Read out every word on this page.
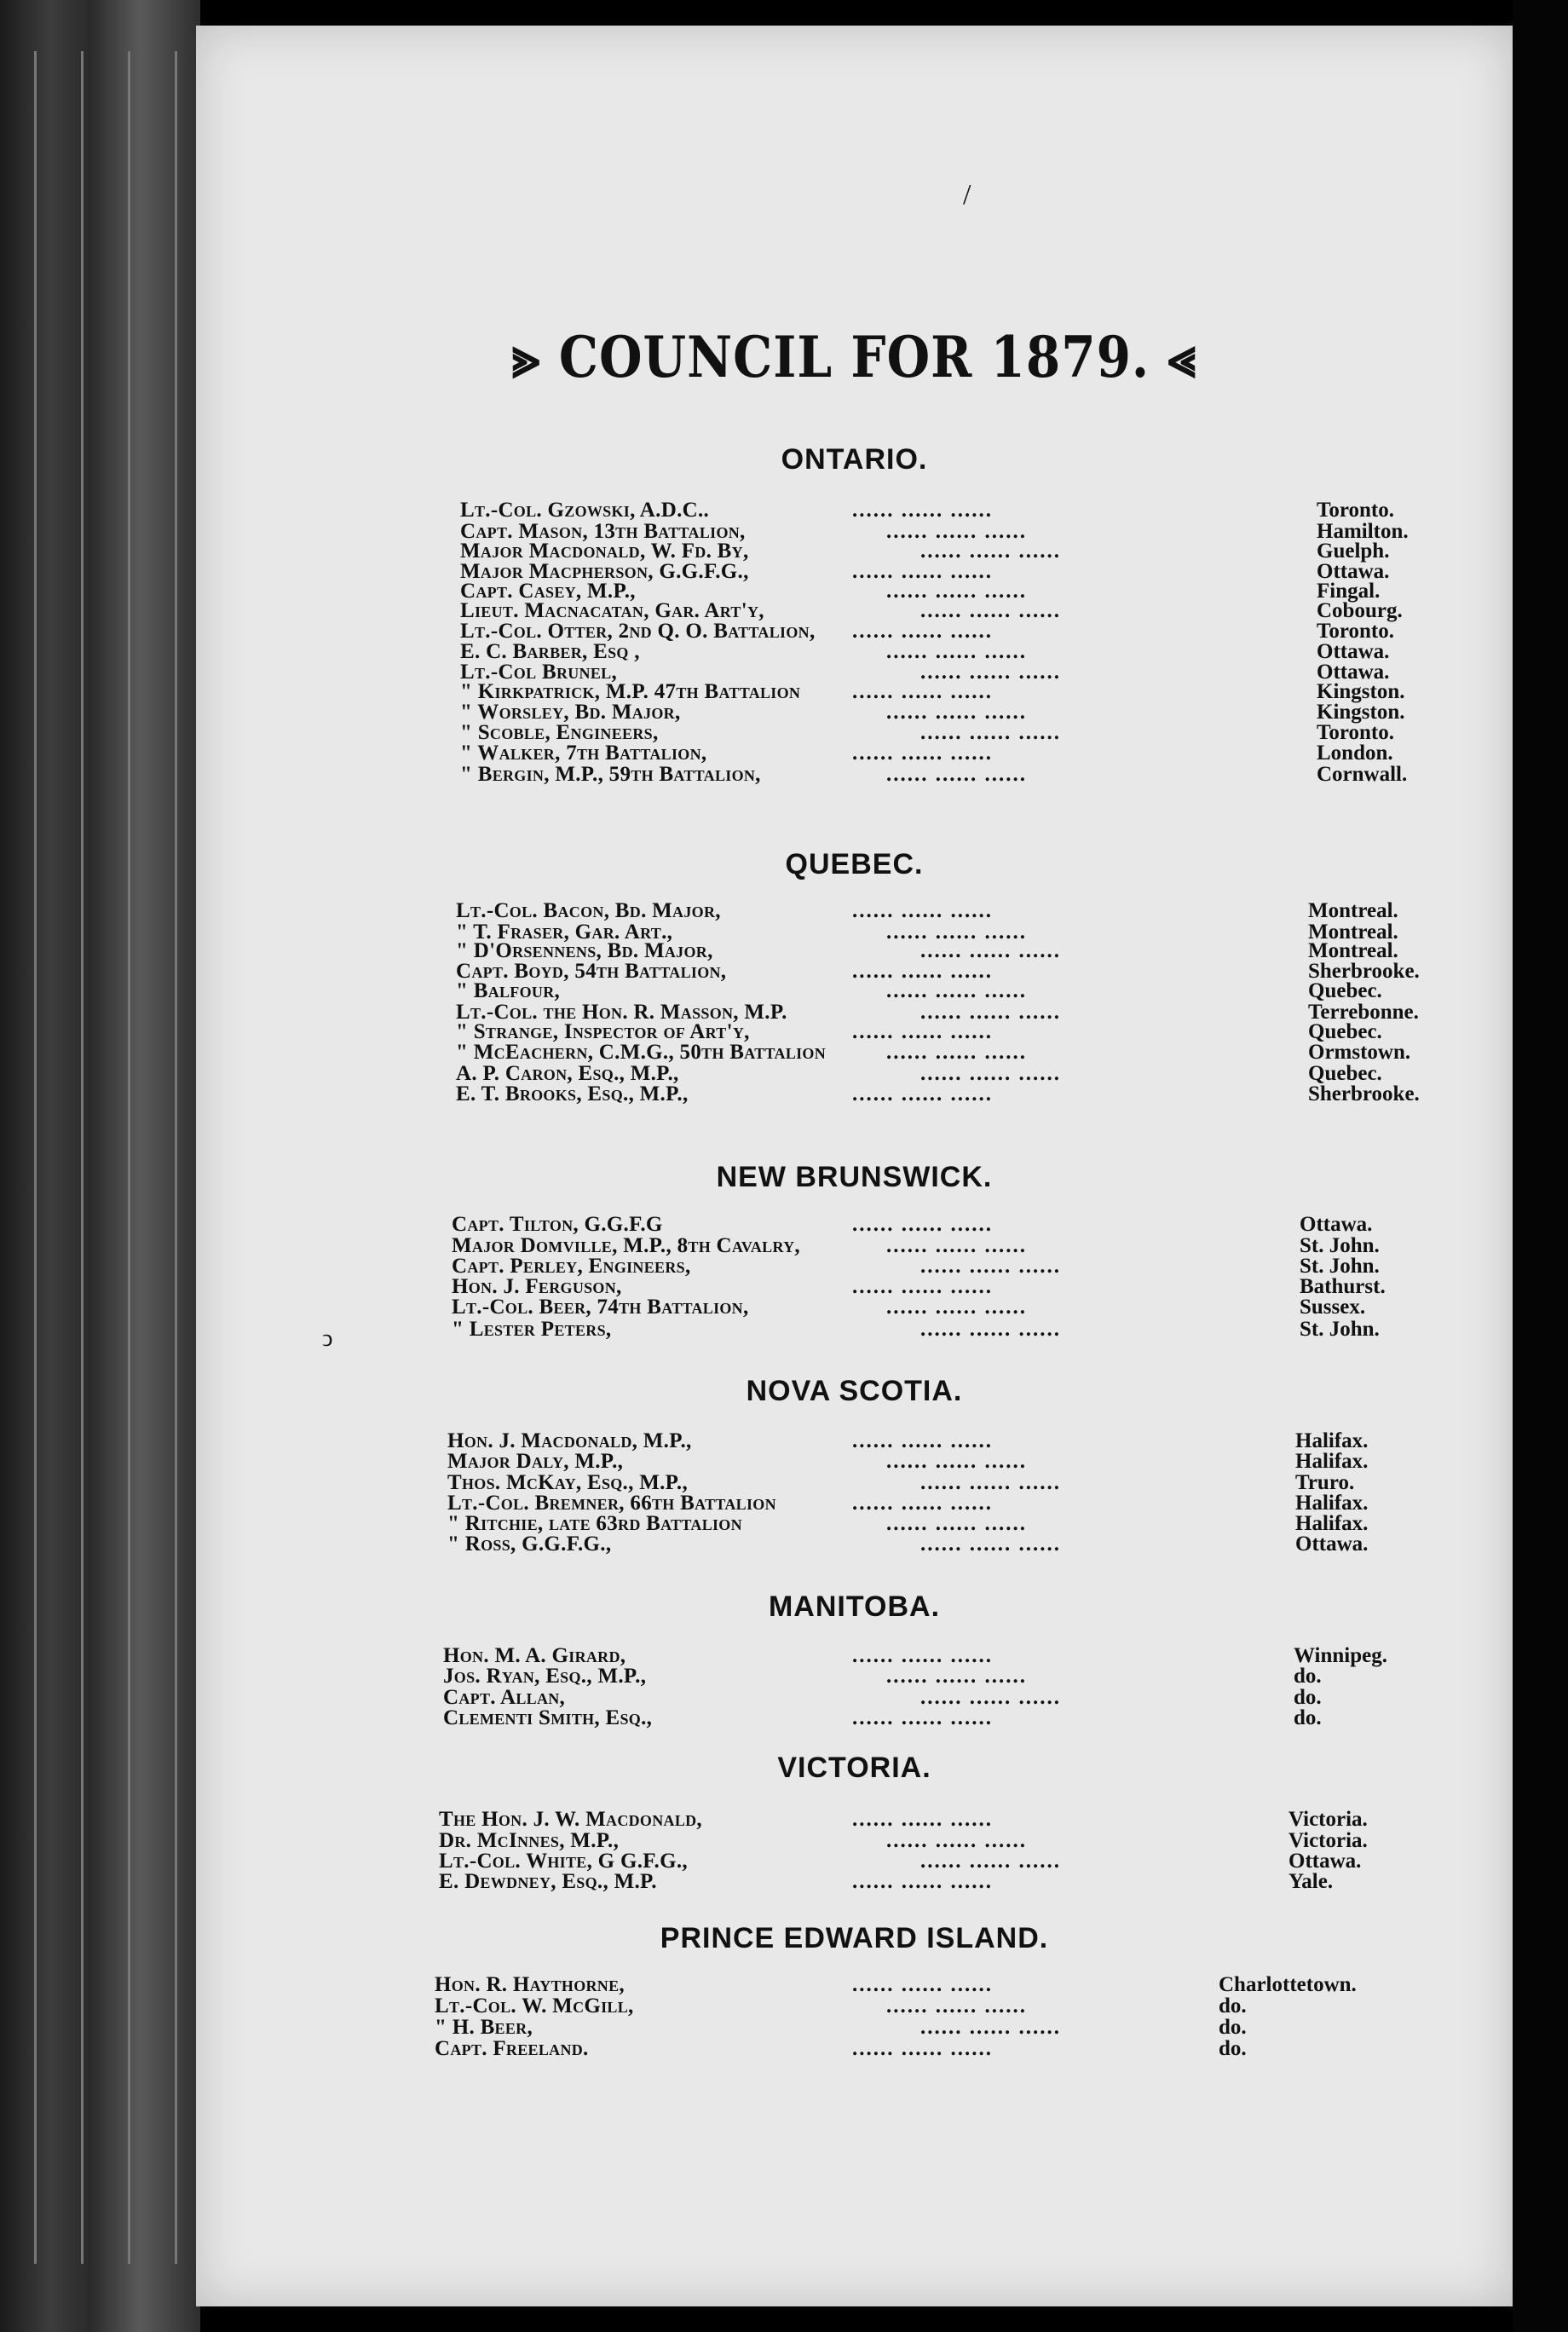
/
ↄ
⪢ COUNCIL FOR 1879. ⪡
ONTARIO.
Lt.-Col. Gzowski, A.D.C..	...... ...... ......	Toronto.
Capt. Mason, 13th Battalion,	...... ...... ......	Hamilton.
Major Macdonald, W. Fd. By,	...... ...... ......	Guelph.
Major Macpherson, G.G.F.G.,	...... ...... ......	Ottawa.
Capt. Casey, M.P.,	...... ...... ......	Fingal.
Lieut. Macnacatan, Gar. Art'y,	...... ...... ......	Cobourg.
Lt.-Col. Otter, 2nd Q. O. Battalion, ...... ...... ......	Toronto.
E. C. Barber, Esq ,	...... ...... ......	Ottawa.
Lt.-Col Brunel,	...... ...... ......	Ottawa.
" Kirkpatrick, M.P. 47th Battalion ...... ...... ......	Kingston.
" Worsley, Bd. Major,	...... ...... ......	Kingston.
" Scoble, Engineers,	...... ...... ......	Toronto.
" Walker, 7th Battalion,	...... ...... ......	London.
" Bergin, M.P., 59th Battalion,	...... ...... ......	Cornwall.
QUEBEC.
Lt.-Col. Bacon, Bd. Major,	...... ...... ......	Montreal.
" T. Fraser, Gar. Art.,	...... ...... ......	Montreal.
" D'Orsennens, Bd. Major,	...... ...... ......	Montreal.
Capt. Boyd, 54th Battalion,	...... ...... ......	Sherbrooke.
" Balfour,	...... ...... ......	Quebec.
Lt.-Col. the Hon. R. Masson, M.P.	...... ...... ......	Terrebonne.
" Strange, Inspector of Art'y,	...... ...... ......	Quebec.
" McEachern, C.M.G., 50th Battalion	...... ...... ......	Ormstown.
A. P. Caron, Esq., M.P.,	...... ...... ......	Quebec.
E. T. Brooks, Esq., M.P.,	...... ...... ......	Sherbrooke.
NEW BRUNSWICK.
Capt. Tilton, G.G.F.G	...... ...... ......	Ottawa.
Major Domville, M.P., 8th Cavalry,	...... ...... ......	St. John.
Capt. Perley, Engineers,	...... ...... ......	St. John.
Hon. J. Ferguson,	...... ...... ......	Bathurst.
Lt.-Col. Beer, 74th Battalion,	...... ...... ......	Sussex.
" Lester Peters,	...... ...... ......	St. John.
NOVA SCOTIA.
Hon. J. Macdonald, M.P.,	...... ...... ......	Halifax.
Major Daly, M.P.,	...... ...... ......	Halifax.
Thos. McKay, Esq., M.P.,	...... ...... ......	Truro.
Lt.-Col. Bremner, 66th Battalion	...... ...... ......	Halifax.
" Ritchie, late 63rd Battalion	...... ...... ......	Halifax.
" Ross, G.G.F.G.,	...... ...... ......	Ottawa.
MANITOBA.
Hon. M. A. Girard,	...... ...... ......	Winnipeg.
Jos. Ryan, Esq., M.P.,	...... ...... ......	do.
Capt. Allan,	...... ...... ......	do.
Clementi Smith, Esq.,	...... ...... ......	do.
VICTORIA.
The Hon. J. W. Macdonald,	...... ...... ......	Victoria.
Dr. McInnes, M.P.,	...... ...... ......	Victoria.
Lt.-Col. White, G G.F.G.,	...... ...... ......	Ottawa.
E. Dewdney, Esq., M.P.	...... ...... ......	Yale.
PRINCE EDWARD ISLAND.
Hon. R. Haythorne,	...... ...... ......	Charlottetown.
Lt.-Col. W. McGill,	...... ...... ......	do.
" H. Beer,	...... ...... ......	do.
Capt. Freeland.	...... ...... ......	do.
